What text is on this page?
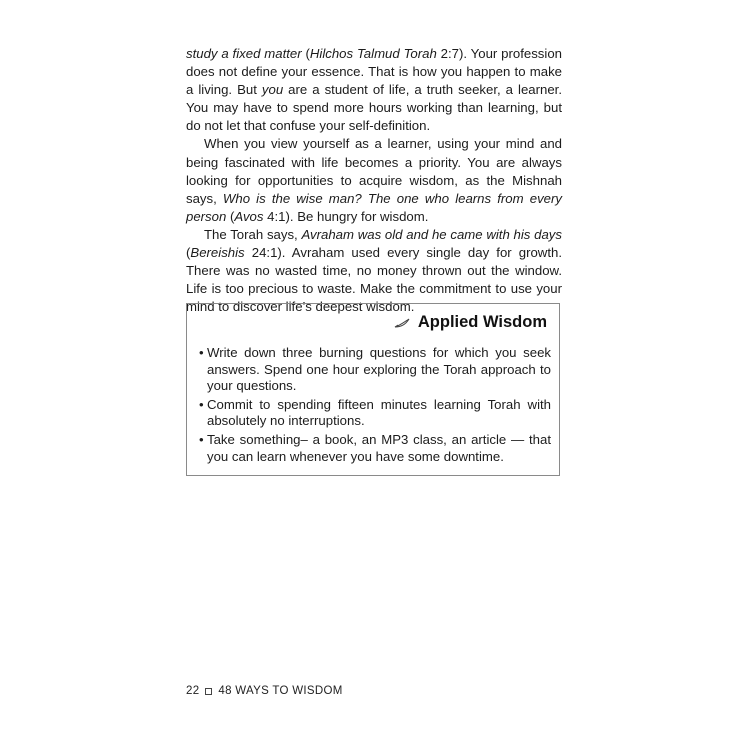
study a fixed matter (Hilchos Talmud Torah 2:7). Your profession does not define your essence. That is how you happen to make a living. But you are a student of life, a truth seeker, a learner. You may have to spend more hours working than learning, but do not let that confuse your self-definition.

When you view yourself as a learner, using your mind and being fascinated with life becomes a priority. You are always looking for opportunities to acquire wisdom, as the Mishnah says, Who is the wise man? The one who learns from every person (Avos 4:1). Be hungry for wisdom.

The Torah says, Avraham was old and he came with his days (Bereishis 24:1). Avraham used every single day for growth. There was no wasted time, no money thrown out the window. Life is too precious to waste. Make the commitment to use your mind to discover life’s deepest wisdom.

Applied Wisdom
• Write down three burning questions for which you seek answers. Spend one hour exploring the Torah approach to your questions.
• Commit to spending fifteen minutes learning Torah with absolutely no interruptions.
• Take something– a book, an MP3 class, an article — that you can learn whenever you have some downtime.
22 48 WAYS TO WISDOM
